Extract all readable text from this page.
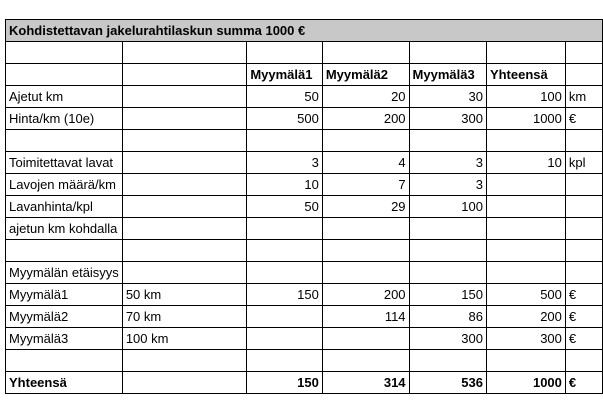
Kohdistettavan jakelurahtilaskun summa 1000 €						

		Myymälä1	Myymälä2	Myymälä3	Yhteensä	
Ajetut km		50	20	30	100	km
Hinta/km (10e)		500	200	300	1000	€

Toimitettavat lavat		3	4	3	10	kpl
Lavojen määrä/km		10	7	3		
Lavanhinta/kpl		50	29	100		
ajetun km kohdalla						

Myymälän etäisyys						
Myymälä1	50 km	150	200	150	500	€
Myymälä2	70 km		114	86	200	€
Myymälä3	100 km			300	300	€

Yhteensä		150	314	536	1000	€
